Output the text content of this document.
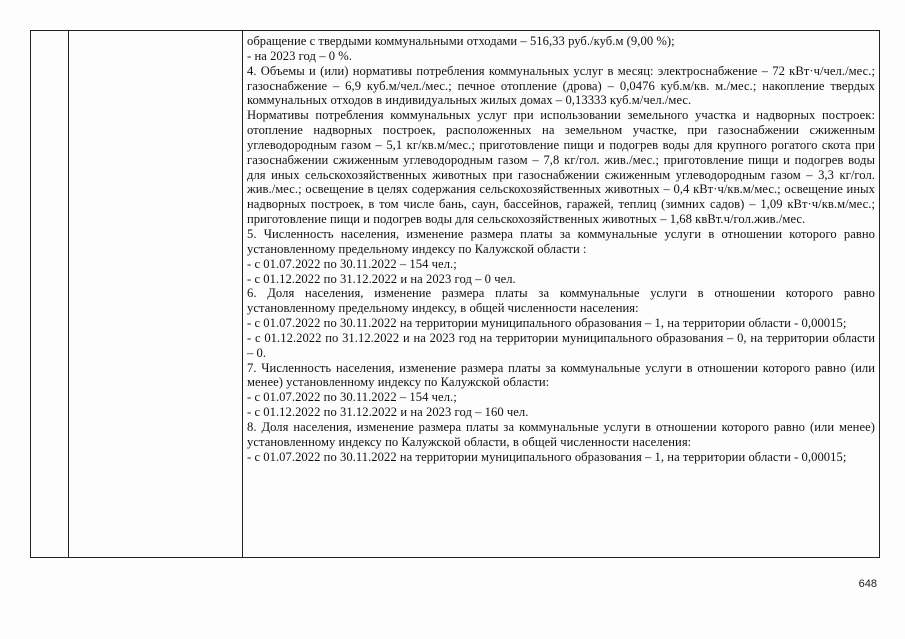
обращение с твердыми коммунальными отходами – 516,33 руб./куб.м (9,00 %);

- на 2023 год – 0 %.

4. Объемы и (или) нормативы потребления коммунальных услуг в месяц: электроснабжение – 72 кВт·ч/чел./мес.; газоснабжение – 6,9 куб.м/чел./мес.; печное отопление (дрова) – 0,0476 куб.м/кв. м./мес.; накопление твердых коммунальных отходов в индивидуальных жилых домах – 0,13333 куб.м/чел./мес.

Нормативы потребления коммунальных услуг при использовании земельного участка и надворных построек: отопление надворных построек, расположенных на земельном участке, при газоснабжении сжиженным углеводородным газом – 5,1 кг/кв.м/мес.; приготовление пищи и подогрев воды для крупного рогатого скота при газоснабжении сжиженным углеводородным газом – 7,8 кг/гол. жив./мес.; приготовление пищи и подогрев воды для иных сельскохозяйственных животных при газоснабжении сжиженным углеводородным газом – 3,3 кг/гол. жив./мес.; освещение в целях содержания сельскохозяйственных животных – 0,4 кВт·ч/кв.м/мес.; освещение иных надворных построек, в том числе бань, саун, бассейнов, гаражей, теплиц (зимних садов) – 1,09 кВт·ч/кв.м/мес.; приготовление пищи и подогрев воды для сельскохозяйственных животных – 1,68 квВт.ч/гол.жив./мес.

5. Численность населения, изменение размера платы за коммунальные услуги в отношении которого равно установленному предельному индексу по Калужской области :

- с 01.07.2022 по 30.11.2022 – 154 чел.;

- с 01.12.2022 по 31.12.2022 и на 2023 год – 0 чел.

6. Доля населения, изменение размера платы за коммунальные услуги в отношении которого равно установленному предельному индексу, в общей численности населения:

- с 01.07.2022 по 30.11.2022 на территории муниципального образования – 1, на территории области - 0,00015;

- с 01.12.2022 по 31.12.2022 и на 2023 год на территории муниципального образования – 0, на территории области – 0.

7. Численность населения, изменение размера платы за коммунальные услуги в отношении которого равно (или менее) установленному индексу по Калужской области:

- с 01.07.2022 по 30.11.2022 – 154 чел.;

- с 01.12.2022 по 31.12.2022 и на 2023 год – 160 чел.

8. Доля населения, изменение размера платы за коммунальные услуги в отношении которого равно (или менее) установленному индексу по Калужской области, в общей численности населения:

- с 01.07.2022 по 30.11.2022 на территории муниципального образования – 1, на территории области - 0,00015;

648
